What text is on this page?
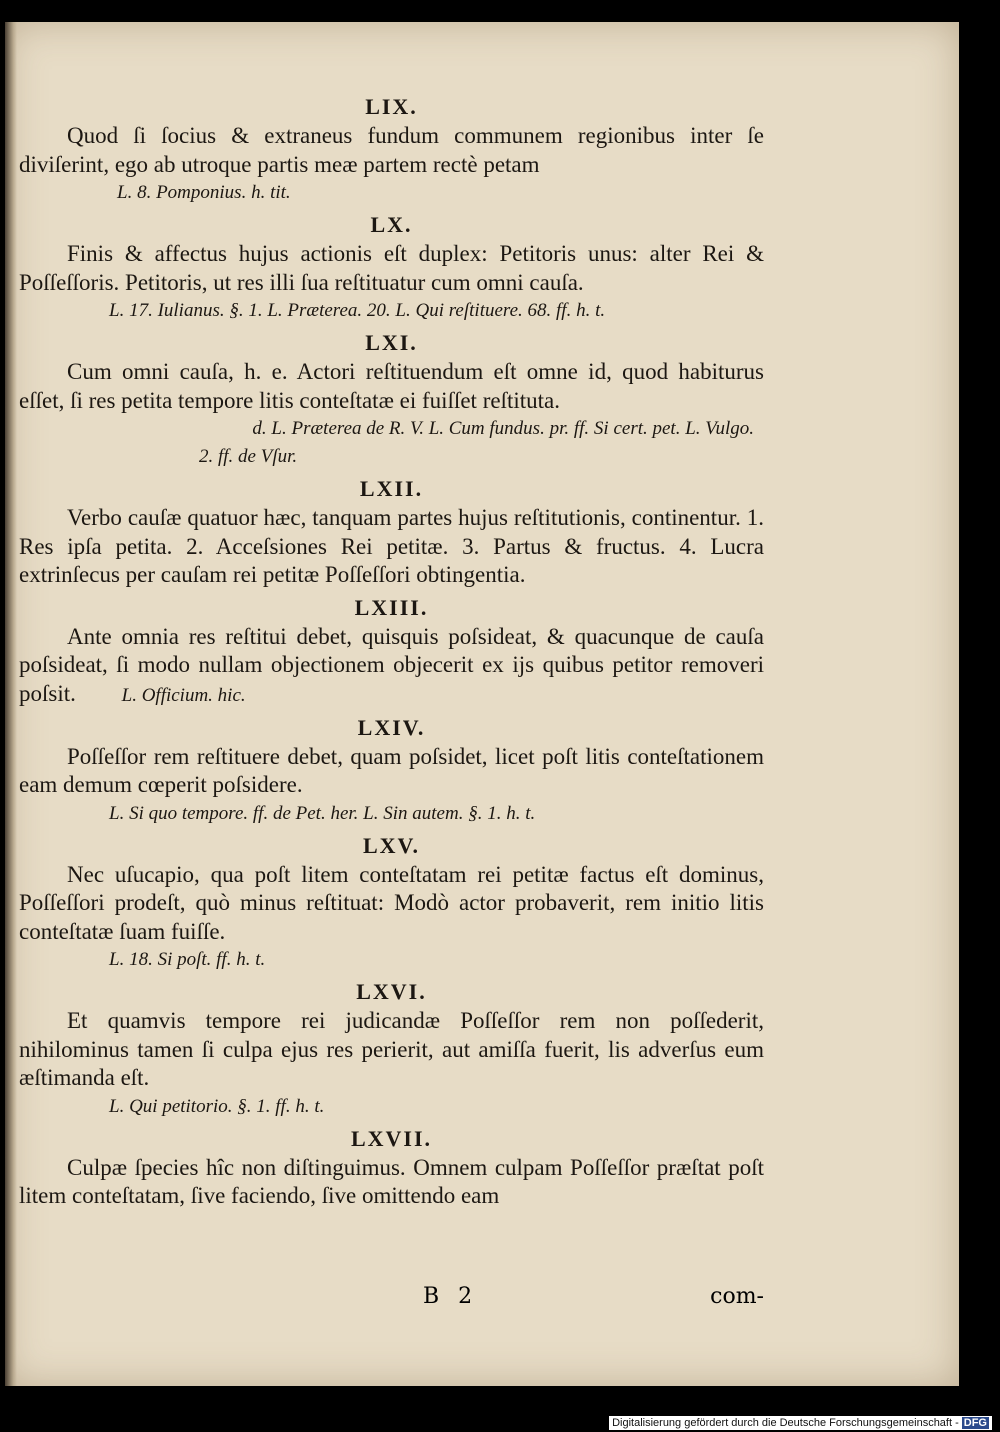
LIX.

Quod ſi ſocius & extraneus fundum communem regionibus inter ſe diviſerint, ego ab utroque partis meæ partem rectè petam

L. 8. Pomponius. h. tit.

LX.

Finis & affectus hujus actionis eſt duplex: Petitoris unus: alter Rei & Poſſeſſoris. Petitoris, ut res illi ſua reſtituatur cum omni cauſa.

L. 17. Iulianus. §. 1. L. Præterea. 20. L. Qui reſtituere. 68. ff. h. t.

LXI.

Cum omni cauſa, h. e. Actori reſtituendum eſt omne id, quod habiturus eſſet, ſi res petita tempore litis conteſtatæ ei fuiſſet reſtituta.

d. L. Præterea de R. V. L. Cum fundus. pr. ff. Si cert. pet. L. Vulgo.

2. ff. de Vſur.

LXII.

Verbo cauſæ quatuor hæc, tanquam partes hujus reſtitutionis, continentur. 1. Res ipſa petita. 2. Acceſsiones Rei petitæ. 3. Partus & fructus. 4. Lucra extrinſecus per cauſam rei petitæ Poſſeſſori obtingentia.

LXIII.

Ante omnia res reſtitui debet, quisquis poſsideat, & quacunque de cauſa poſsideat, ſi modo nullam objectionem objecerit ex ijs quibus petitor removeri poſsit. L. Officium. hic.

LXIV.

Poſſeſſor rem reſtituere debet, quam poſsidet, licet poſt litis conteſtationem eam demum cœperit poſsidere.

L. Si quo tempore. ff. de Pet. her. L. Sin autem. §. 1. h. t.

LXV.

Nec uſucapio, qua poſt litem conteſtatam rei petitæ factus eſt dominus, Poſſeſſori prodeſt, quò minus reſtituat: Modò actor probaverit, rem initio litis conteſtatæ ſuam fuiſſe.

L. 18. Si poſt. ff. h. t.

LXVI.

Et quamvis tempore rei judicandæ Poſſeſſor rem non poſſederit, nihilominus tamen ſi culpa ejus res perierit, aut amiſſa fuerit, lis adverſus eum æſtimanda eſt.

L. Qui petitorio. §. 1. ff. h. t.

LXVII.

Culpæ ſpecies hîc non diſtinguimus. Omnem culpam Poſſeſſor præſtat poſt litem conteſtatam, ſive faciendo, ſive omittendo eam

B 2	com-
Digitalisierung gefördert durch die Deutsche Forschungsgemeinschaft - DFG
